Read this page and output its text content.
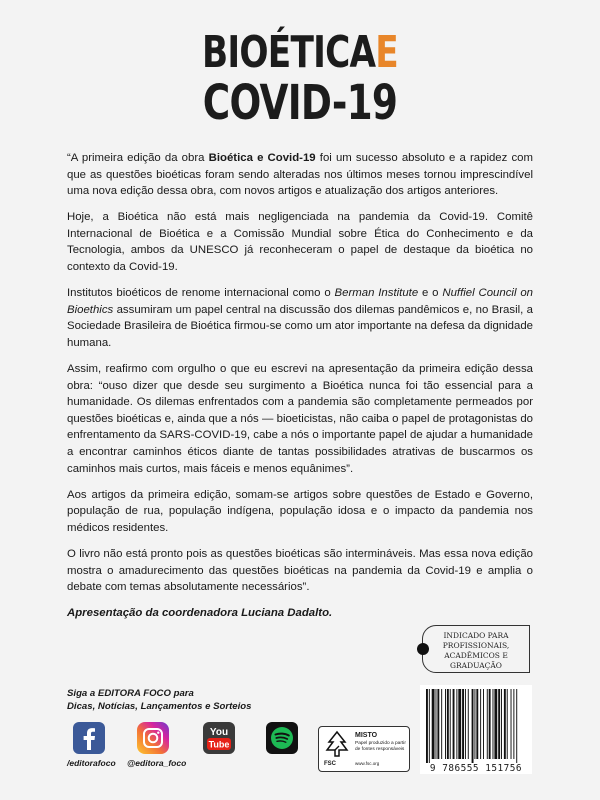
BIOÉTICAE
COVID-19

“A primeira edição da obra Bioética e Covid-19 foi um sucesso absoluto e a rapidez com que as questões bioéticas foram sendo alteradas nos últimos meses tornou imprescindível uma nova edição dessa obra, com novos artigos e atualização dos artigos anteriores.

Hoje, a Bioética não está mais negligenciada na pandemia da Covid-19. Comitê Internacional de Bioética e a Comissão Mundial sobre Ética do Conhecimento e da Tecnologia, ambos da UNESCO já reconheceram o papel de destaque da bioética no contexto da Covid-19.

Institutos bioéticos de renome internacional como o Berman Institute e o Nuffiel Council on Bioethics assumiram um papel central na discussão dos dilemas pandêmicos e, no Brasil, a Sociedade Brasileira de Bioética firmou-se como um ator importante na defesa da dignidade humana.

Assim, reafirmo com orgulho o que eu escrevi na apresentação da primeira edição dessa obra: “ouso dizer que desde seu surgimento a Bioética nunca foi tão essencial para a humanidade. Os dilemas enfrentados com a pandemia são completamente permeados por questões bioéticas e, ainda que a nós — bioeticistas, não caiba o papel de protagonistas do enfrentamento da SARS-COVID-19, cabe a nós o importante papel de ajudar a humanidade a encontrar caminhos éticos diante de tantas possibilidades atrativas de buscarmos os caminhos mais curtos, mais fáceis e menos equânimes”.

Aos artigos da primeira edição, somam-se artigos sobre questões de Estado e Governo, população de rua, população indígena, população idosa e o impacto da pandemia nos médicos residentes.

O livro não está pronto pois as questões bioéticas são intermináveis. Mas essa nova edição mostra o amadurecimento das questões bioéticas na pandemia da Covid-19 e amplia o debate com temas absolutamente necessários”.

Apresentação da coordenadora Luciana Dadalto.

INDICADO PARA
PROFISSIONAIS,
ACADÊMICOS E
GRADUAÇÃO
Siga a EDITORA FOCO para
Dicas, Notícias, Lançamentos e Sorteios
/editorafoco @editora_foco
You
Tube
MISTO
Papel produzido a partir de fontes responsáveis
FSC	www.fsc.org	9 786555 151756
